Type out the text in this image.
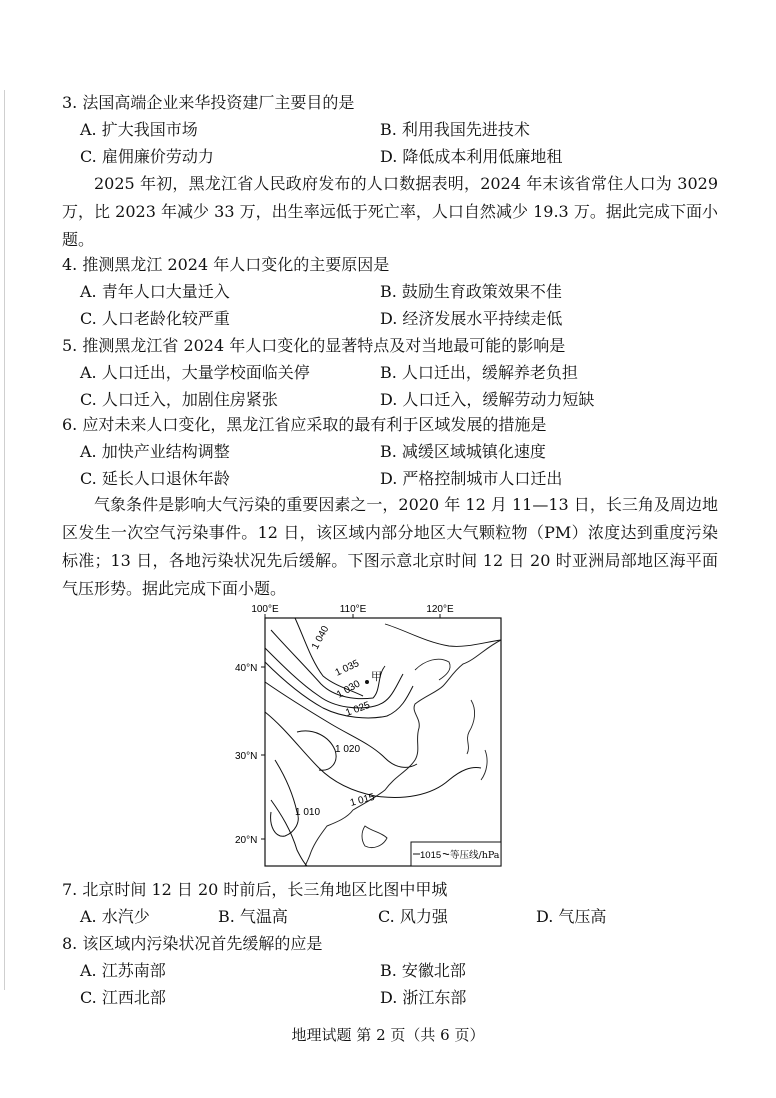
3. 法国高端企业来华投资建厂主要目的是
A. 扩大我国市场	B. 利用我国先进技术
C. 雇佣廉价劳动力	D. 降低成本利用低廉地租
2025 年初，黑龙江省人民政府发布的人口数据表明，2024 年末该省常住人口为 3029 万，比 2023 年减少 33 万，出生率远低于死亡率，人口自然减少 19.3 万。据此完成下面小题。
4. 推测黑龙江 2024 年人口变化的主要原因是
A. 青年人口大量迁入	B. 鼓励生育政策效果不佳
C. 人口老龄化较严重	D. 经济发展水平持续走低
5. 推测黑龙江省 2024 年人口变化的显著特点及对当地最可能的影响是
A. 人口迁出，大量学校面临关停	B. 人口迁出，缓解养老负担
C. 人口迁入，加剧住房紧张	D. 人口迁入，缓解劳动力短缺
6. 应对未来人口变化，黑龙江省应采取的最有利于区域发展的措施是
A. 加快产业结构调整	B. 减缓区域城镇化速度
C. 延长人口退休年龄	D. 严格控制城市人口迁出
气象条件是影响大气污染的重要因素之一，2020 年 12 月 11—13 日，长三角及周边地区发生一次空气污染事件。12 日，该区域内部分地区大气颗粒物（PM）浓度达到重度污染标准；13 日，各地污染状况先后缓解。下图示意北京时间 12 日 20 时亚洲局部地区海平面气压形势。据此完成下面小题。
100°E	110°E	120°E
40°N
30°N
20°N
1 040
1 035
1 030
1 025
1 020
1 015
1 010
甲
1015 等压线/hPa
7. 北京时间 12 日 20 时前后，长三角地区比图中甲城
A. 水汽少	B. 气温高	C. 风力强	D. 气压高
8. 该区域内污染状况首先缓解的应是
A. 江苏南部	B. 安徽北部
C. 江西北部	D. 浙江东部
地理试题 第 2 页（共 6 页）
